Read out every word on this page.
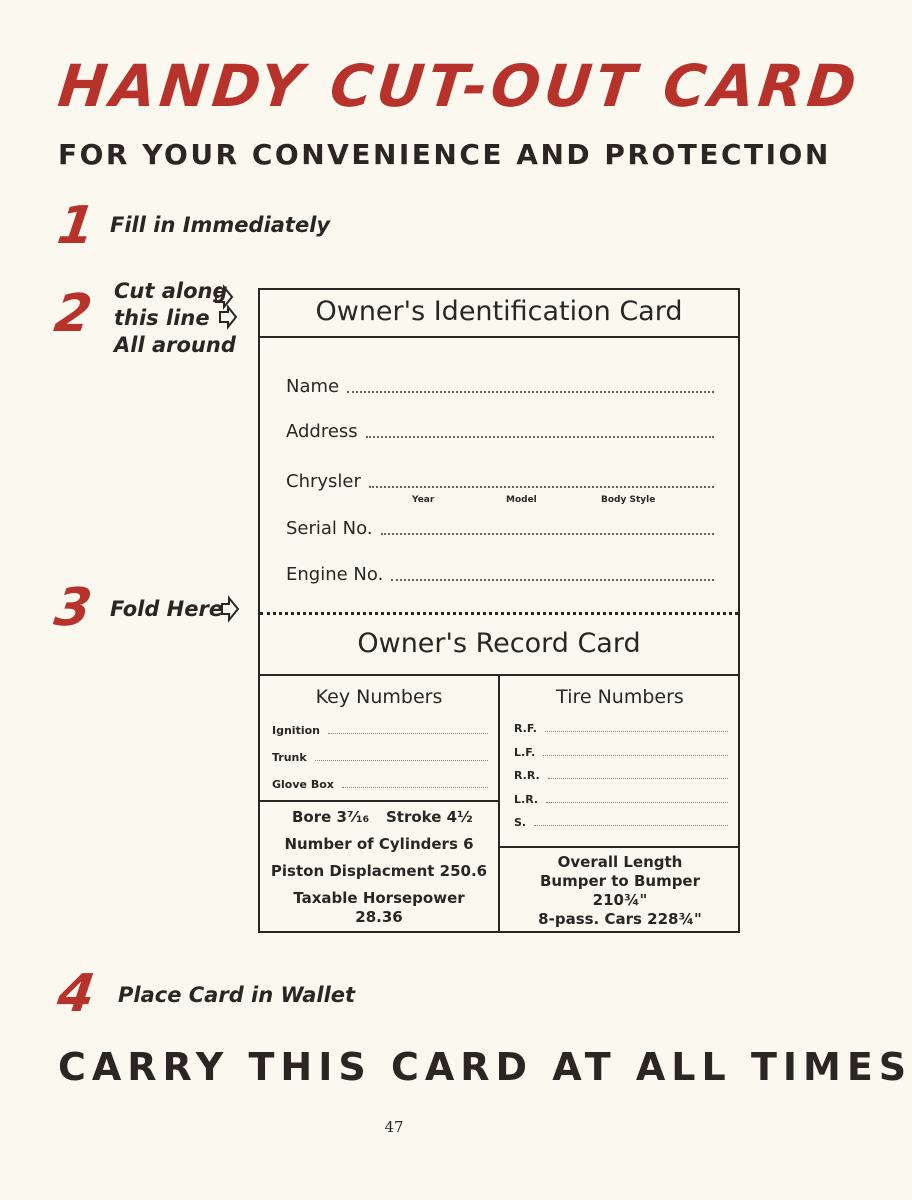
HANDY CUT-OUT CARD
FOR YOUR CONVENIENCE AND PROTECTION
1 Fill in Immediately
2 Cut along
this line
All around
3 Fold Here
4 Place Card in Wallet
Owner's Identification Card
Name
Address
Chrysler
Year	Model	Body Style
Serial No.
Engine No.
Owner's Record Card
Key Numbers
Ignition
Trunk
Glove Box
Bore 3⁷⁄₁₆ Stroke 4½
Number of Cylinders 6
Piston Displacment 250.6
Taxable Horsepower
28.36
Tire Numbers
R.F.
L.F.
R.R.
L.R.
S.
Overall Length
Bumper to Bumper
210¾"
8-pass. Cars 228¾"
CARRY THIS CARD AT ALL TIMES
47
